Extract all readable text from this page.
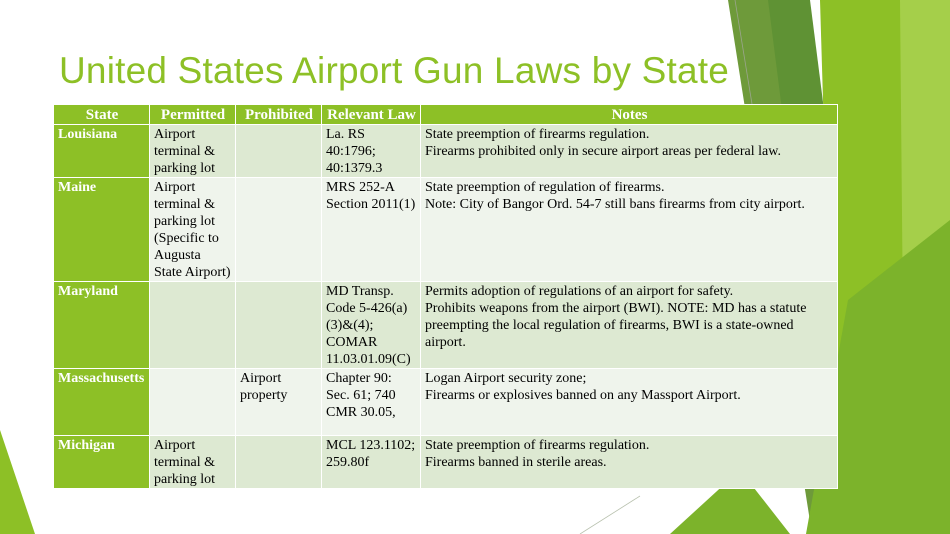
United States Airport Gun Laws by State
State	Permitted	Prohibited	Relevant Law	Notes
Louisiana	Airport terminal & parking lot		La. RS 40:1796; 40:1379.3	State preemption of firearms regulation.
Firearms prohibited only in secure airport areas per federal law.

Maine	Airport terminal & parking lot (Specific to Augusta State Airport)		MRS 252-A Section 2011(1)	State preemption of regulation of firearms.
Note: City of Bangor Ord. 54-7 still bans firearms from city airport.

Maryland			MD Transp. Code 5-426(a)(3)&(4); COMAR 11.03.01.09(C)	Permits adoption of regulations of an airport for safety.
Prohibits weapons from the airport (BWI). NOTE: MD has a statute preempting the local regulation of firearms, BWI is a state-owned airport.

Massachusetts		Airport property	Chapter 90: Sec. 61; 740 CMR 30.05,	Logan Airport security zone;
Firearms or explosives banned on any Massport Airport.

Michigan	Airport terminal & parking lot		MCL 123.1102; 259.80f	State preemption of firearms regulation.
Firearms banned in sterile areas.
